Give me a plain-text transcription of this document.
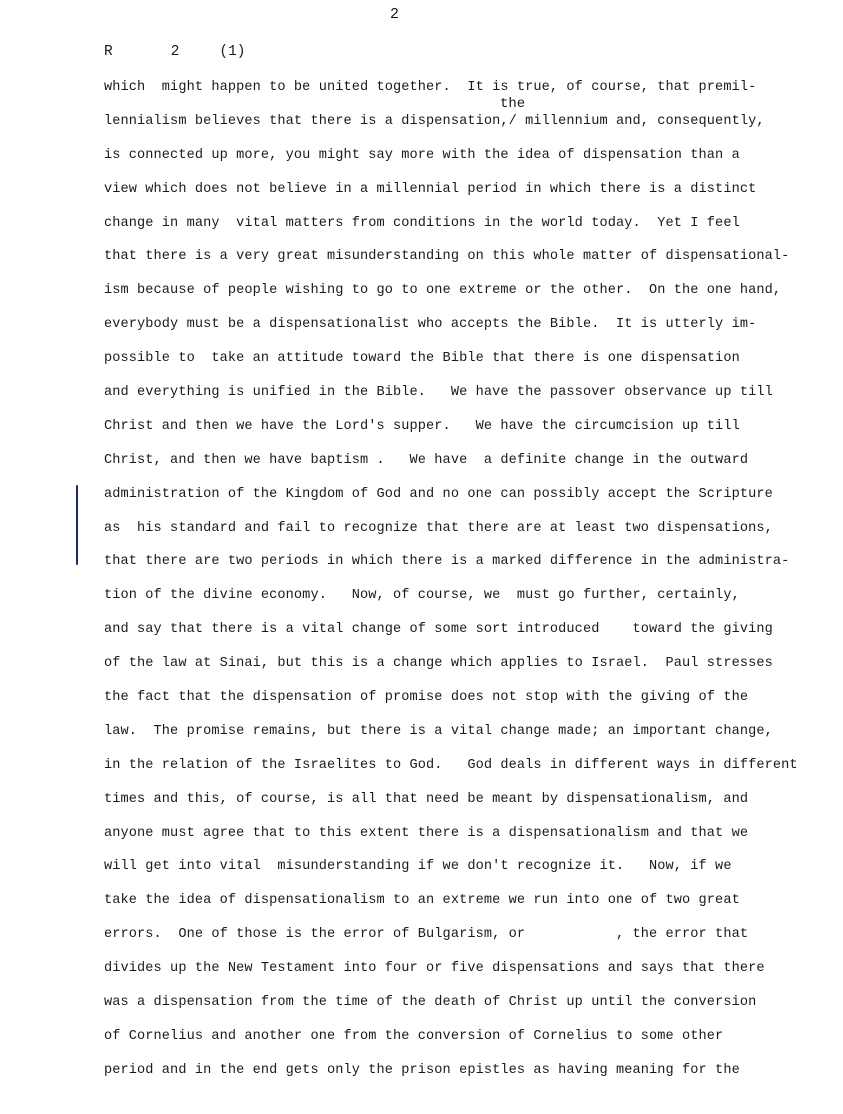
2
R	2	(1)
the
which  might happen to be united together.  It is true, of course, that premil-
lennialism believes that there is a dispensation,/ millennium and, consequently,
is connected up more, you might say more with the idea of dispensation than a
view which does not believe in a millennial period in which there is a distinct
change in many  vital matters from conditions in the world today.  Yet I feel
that there is a very great misunderstanding on this whole matter of dispensational-
ism because of people wishing to go to one extreme or the other.  On the one hand,
everybody must be a dispensationalist who accepts the Bible.  It is utterly im-
possible to  take an attitude toward the Bible that there is one dispensation
and everything is unified in the Bible.   We have the passover observance up till
Christ and then we have the Lord's supper.   We have the circumcision up till
Christ, and then we have baptism .   We have  a definite change in the outward
administration of the Kingdom of God and no one can possibly accept the Scripture
as  his standard and fail to recognize that there are at least two dispensations,
that there are two periods in which there is a marked difference in the administra-
tion of the divine economy.   Now, of course, we  must go further, certainly,
and say that there is a vital change of some sort introduced    toward the giving
of the law at Sinai, but this is a change which applies to Israel.  Paul stresses
the fact that the dispensation of promise does not stop with the giving of the
law.  The promise remains, but there is a vital change made; an important change,
in the relation of the Israelites to God.   God deals in different ways in different
times and this, of course, is all that need be meant by dispensationalism, and
anyone must agree that to this extent there is a dispensationalism and that we
will get into vital  misunderstanding if we don't recognize it.   Now, if we
take the idea of dispensationalism to an extreme we run into one of two great
errors.  One of those is the error of Bulgarism, or           , the error that
divides up the New Testament into four or five dispensations and says that there
was a dispensation from the time of the death of Christ up until the conversion
of Cornelius and another one from the conversion of Cornelius to some other
period and in the end gets only the prison epistles as having meaning for the
